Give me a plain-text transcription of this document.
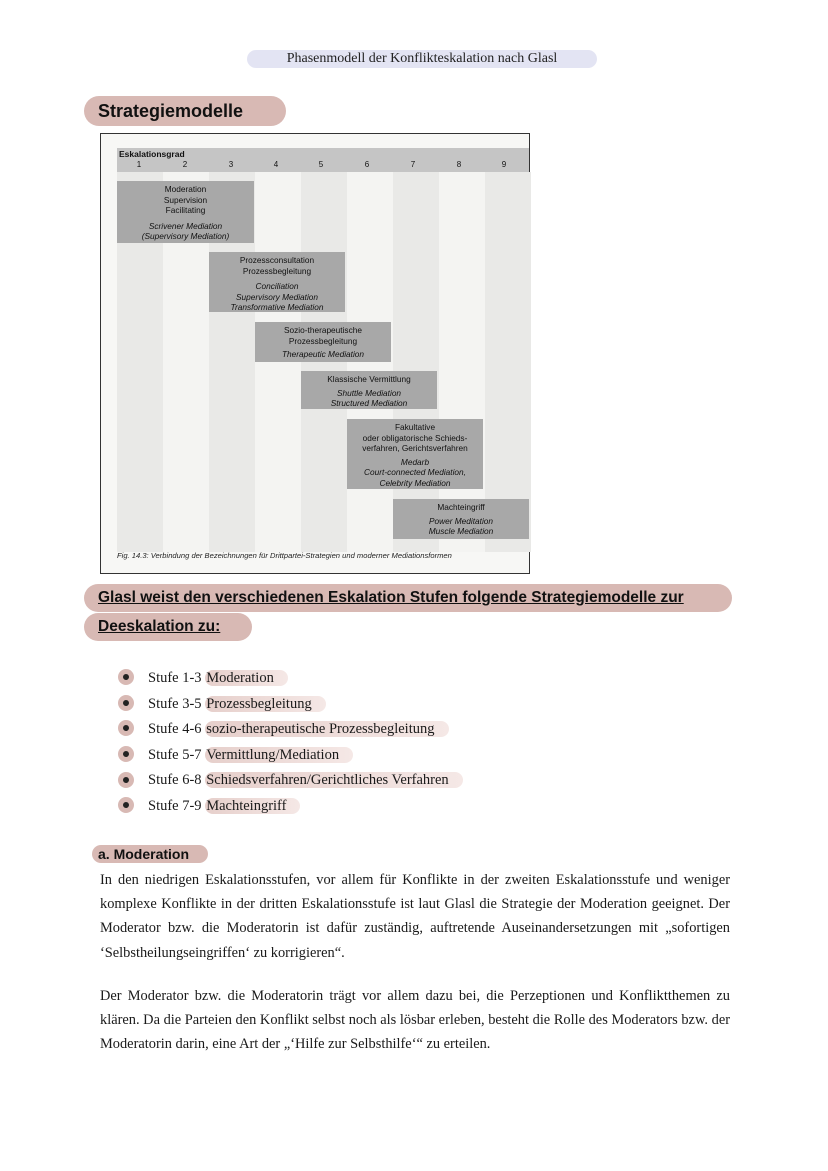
Phasenmodell der Konflikteskalation nach Glasl
Strategiemodelle
Eskalationsgrad
1	2	3	4	5	6	7	8	9
Moderation
Supervision
Facilitating
Scrivener Mediation
(Supervisory Mediation)
Prozessconsultation
Prozessbegleitung
Conciliation
Supervisory Mediation
Transformative Mediation
Sozio-therapeutische
Prozessbegleitung
Therapeutic Mediation
Klassische Vermittlung
Shuttle Mediation
Structured Mediation
Fakultative
oder obligatorische Schieds-
verfahren, Gerichtsverfahren
Medarb
Court-connected Mediation,
Celebrity Mediation
Machteingriff
Power Meditation
Muscle Mediation
Fig. 14.3: Verbindung der Bezeichnungen für Drittpartei-Strategien und moderner Mediationsformen
Glasl weist den verschiedenen Eskalation Stufen folgende Strategiemodelle zur
Deeskalation zu:
Stufe 1-3 Moderation
Stufe 3-5 Prozessbegleitung
Stufe 4-6 sozio-therapeutische Prozessbegleitung
Stufe 5-7 Vermittlung/Mediation
Stufe 6-8 Schiedsverfahren/Gerichtliches Verfahren
Stufe 7-9 Machteingriff
a. Moderation
In den niedrigen Eskalationsstufen, vor allem für Konflikte in der zweiten Eskalationsstufe und weniger komplexe Konflikte in der dritten Eskalationsstufe ist laut Glasl die Strategie der Moderation geeignet. Der Moderator bzw. die Moderatorin ist dafür zuständig, auftretende Auseinandersetzungen mit „sofortigen ‘Selbstheilungseingriffen‘ zu korrigieren“.
Der Moderator bzw. die Moderatorin trägt vor allem dazu bei, die Perzeptionen und Konfliktthemen zu klären. Da die Parteien den Konflikt selbst noch als lösbar erleben, besteht die Rolle des Moderators bzw. der Moderatorin darin, eine Art der „‘Hilfe zur Selbsthilfe‘“ zu erteilen.
